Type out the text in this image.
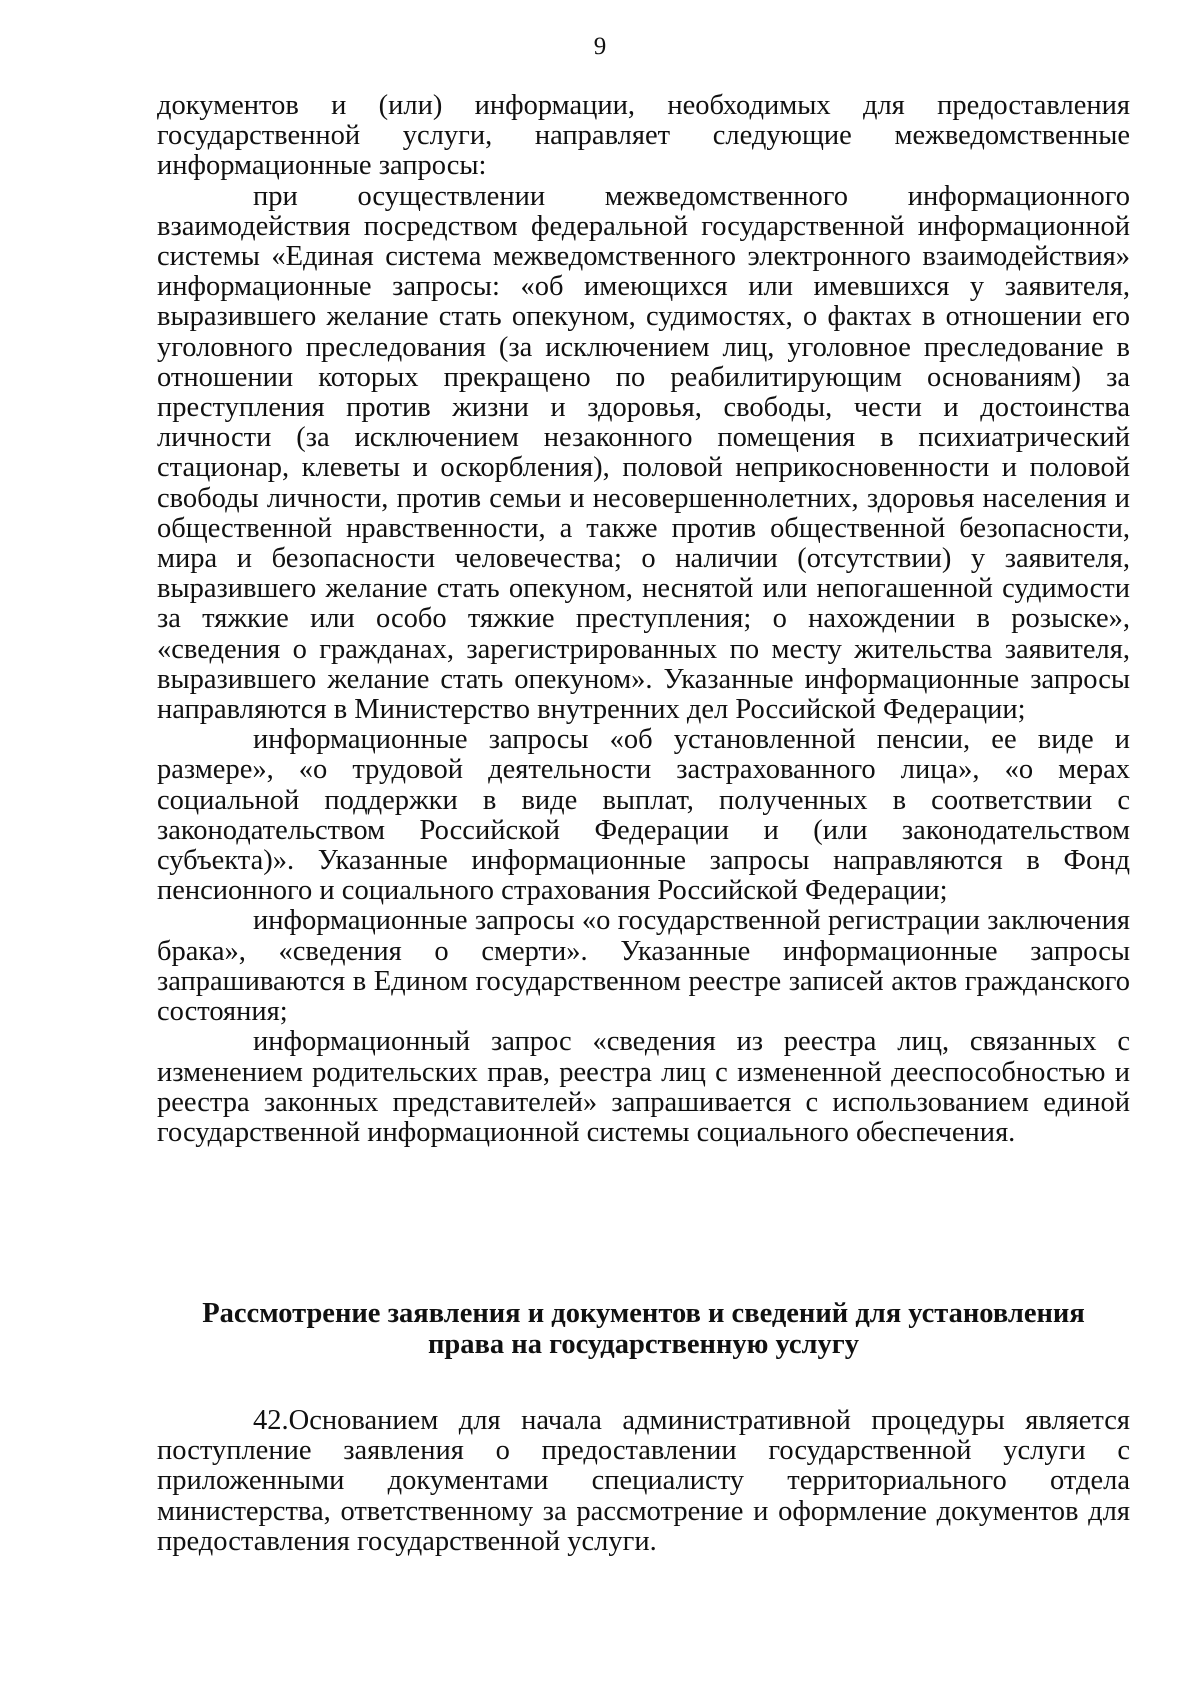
9

документов и (или) информации, необходимых для предоставления государственной услуги, направляет следующие межведомственные информационные запросы:

при осуществлении межведомственного информационного взаимодействия посредством федеральной государственной информационной системы «Единая система межведомственного электронного взаимодействия» информационные запросы: «об имеющихся или имевшихся у заявителя, выразившего желание стать опекуном, судимостях, о фактах в отношении его уголовного преследования (за исключением лиц, уголовное преследование в отношении которых прекращено по реабилитирующим основаниям) за преступления против жизни и здоровья, свободы, чести и достоинства личности (за исключением незаконного помещения в психиатрический стационар, клеветы и оскорбления), половой неприкосновенности и половой свободы личности, против семьи и несовершеннолетних, здоровья населения и общественной нравственности, а также против общественной безопасности, мира и безопасности человечества; о наличии (отсутствии) у заявителя, выразившего желание стать опекуном, неснятой или непогашенной судимости за тяжкие или особо тяжкие преступления; о нахождении в розыске», «сведения о гражданах, зарегистрированных по месту жительства заявителя, выразившего желание стать опекуном». Указанные информационные запросы направляются в Министерство внутренних дел Российской Федерации;

информационные запросы «об установленной пенсии, ее виде и размере», «о трудовой деятельности застрахованного лица», «о мерах социальной поддержки в виде выплат, полученных в соответствии с законодательством Российской Федерации и (или законодательством субъекта)». Указанные информационные запросы направляются в Фонд пенсионного и социального страхования Российской Федерации;

информационные запросы «о государственной регистрации заключения брака», «сведения о смерти». Указанные информационные запросы запрашиваются в Едином государственном реестре записей актов гражданского состояния;

информационный запрос «сведения из реестра лиц, связанных с изменением родительских прав, реестра лиц с измененной дееспособностью и реестра законных представителей» запрашивается с использованием единой государственной информационной системы социального обеспечения.

Рассмотрение заявления и документов и сведений для установления
права на государственную услугу

42.Основанием для начала административной процедуры является поступление заявления о предоставлении государственной услуги с приложенными документами специалисту территориального отдела министерства, ответственному за рассмотрение и оформление документов для предоставления государственной услуги.
